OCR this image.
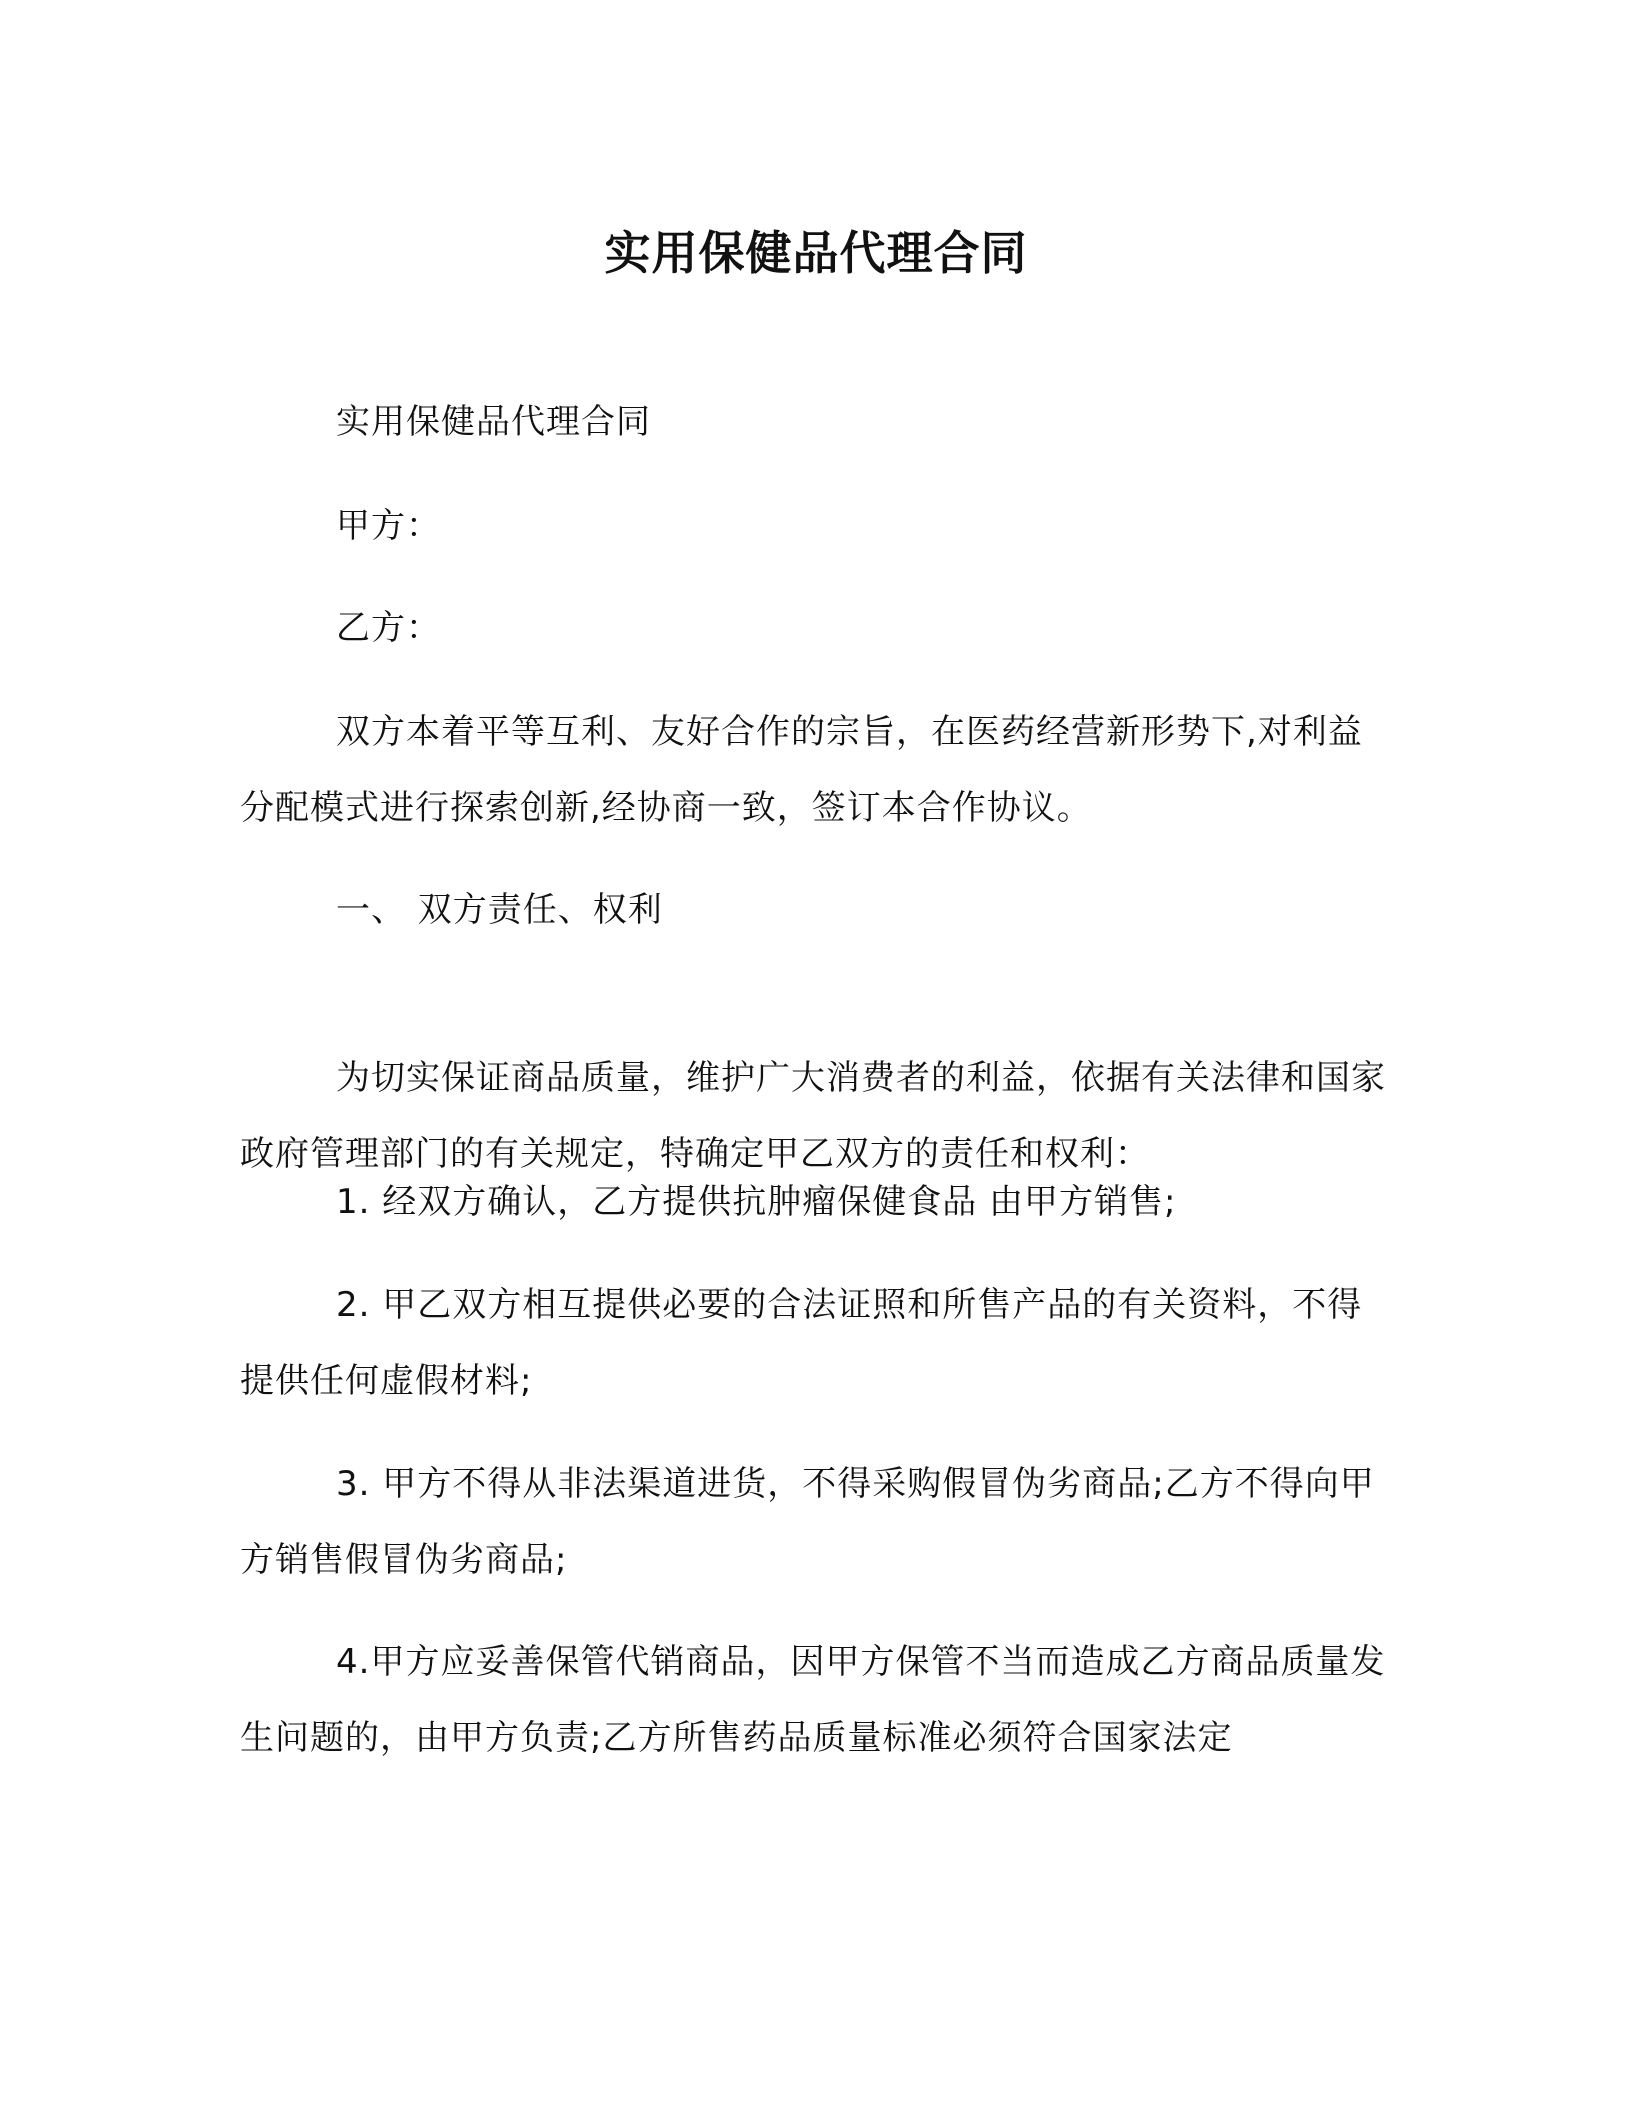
实用保健品代理合同

实用保健品代理合同

甲方：

乙方：

双方本着平等互利、友好合作的宗旨，在医药经营新形势下,对利益分配模式进行探索创新,经协商一致，签订本合作协议。

一、 双方责任、权利

为切实保证商品质量，维护广大消费者的利益，依据有关法律和国家政府管理部门的有关规定，特确定甲乙双方的责任和权利：

1. 经双方确认，乙方提供抗肿瘤保健食品 由甲方销售;

2. 甲乙双方相互提供必要的合法证照和所售产品的有关资料，不得提供任何虚假材料;

3. 甲方不得从非法渠道进货，不得采购假冒伪劣商品;乙方不得向甲方销售假冒伪劣商品;

4.甲方应妥善保管代销商品，因甲方保管不当而造成乙方商品质量发生问题的，由甲方负责;乙方所售药品质量标准必须符合国家法定
